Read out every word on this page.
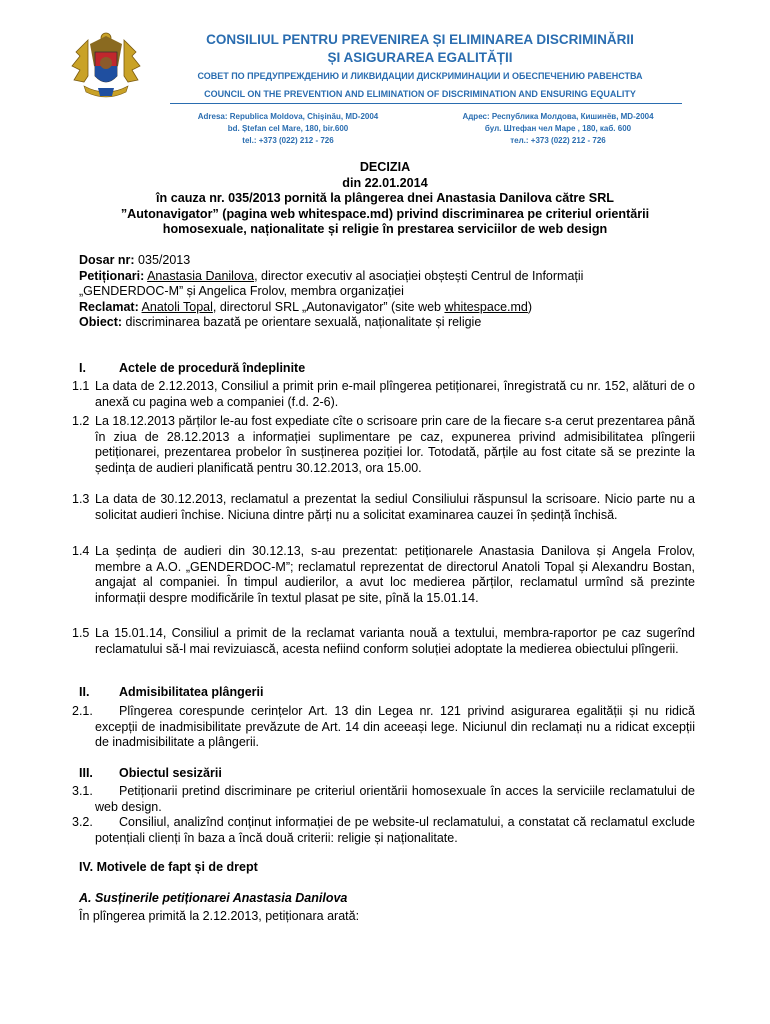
CONSILIUL PENTRU PREVENIREA ȘI ELIMINAREA DISCRIMINĂRII
ȘI ASIGURAREA EGALITĂȚII
СОВЕТ ПО ПРЕДУПРЕЖДЕНИЮ И ЛИКВИДАЦИИ ДИСКРИМИНАЦИИ И ОБЕСПЕЧЕНИЮ РАВЕНСТВА
COUNCIL ON THE PREVENTION AND ELIMINATION OF DISCRIMINATION AND ENSURING EQUALITY
Adresa: Republica Moldova, Chișinău, MD-2004
bd. Ștefan cel Mare, 180, bir.600
tel.: +373 (022) 212 - 726
Адрес: Республика Молдова, Кишинёв, MD-2004
бул. Штефан чел Маре , 180, каб. 600
тел.: +373 (022) 212 - 726
DECIZIA
din 22.01.2014
în cauza nr. 035/2013 pornită la plângerea dnei Anastasia Danilova către SRL
”Autonavigator” (pagina web whitespace.md) privind discriminarea pe criteriul orientării
homosexuale, naționalitate și religie în prestarea serviciilor de web design
Dosar nr: 035/2013
Petiționari: Anastasia Danilova, director executiv al asociației obștești Centrul de Informații
„GENDERDOC-M” și Angelica Frolov, membra organizației
Reclamat: Anatoli Topal, directorul SRL „Autonavigator” (site web whitespace.md)
Obiect: discriminarea bazată pe orientare sexuală, naționalitate și religie
I.	Actele de procedură îndeplinite
1.1 La data de 2.12.2013, Consiliul a primit prin e-mail plîngerea petiționarei, înregistrată cu nr. 152, alături de o anexă cu pagina web a companiei (f.d. 2-6).
1.2 La 18.12.2013 părților le-au fost expediate cîte o scrisoare prin care de la fiecare s-a cerut prezentarea până în ziua de 28.12.2013 a informației suplimentare pe caz, expunerea privind admisibilitatea plîngerii petiționarei, prezentarea probelor în susținerea poziției lor. Totodată, părțile au fost citate să se prezinte la ședința de audieri planificată pentru 30.12.2013, ora 15.00.
1.3 La data de 30.12.2013, reclamatul a prezentat la sediul Consiliului răspunsul la scrisoare. Nicio parte nu a solicitat audieri închise. Niciuna dintre părți nu a solicitat examinarea cauzei în ședință închisă.
1.4 La ședința de audieri din 30.12.13, s-au prezentat: petiționarele Anastasia Danilova și Angela Frolov, membre a A.O. „GENDERDOC-M”; reclamatul reprezentat de directorul Anatoli Topal și Alexandru Bostan, angajat al companiei. În timpul audierilor, a avut loc medierea părților, reclamatul urmînd să prezinte informații despre modificările în textul plasat pe site, pînă la 15.01.14.
1.5 La 15.01.14, Consiliul a primit de la reclamat varianta nouă a textului, membra-raportor pe caz sugerînd reclamatului să-l mai revizuiască, acesta nefiind conform soluției adoptate la medierea obiectului plîngerii.
II. Admisibilitatea plângerii
2.1. Plîngerea corespunde cerințelor Art. 13 din Legea nr. 121 privind asigurarea egalității și nu ridică excepții de inadmisibilitate prevăzute de Art. 14 din aceeași lege. Niciunul din reclamați nu a ridicat excepții de inadmisibilitate a plângerii.
III. Obiectul sesizării
3.1. Petiționarii pretind discriminare pe criteriul orientării homosexuale în acces la serviciile reclamatului de web design.
3.2. Consiliul, analizînd conținut informației de pe website-ul reclamatului, a constatat că reclamatul exclude potențiali clienți în baza a încă două criterii: religie și naționalitate.
IV. Motivele de fapt și de drept
A. Susținerile petiționarei Anastasia Danilova
În plîngerea primită la 2.12.2013, petiționara arată:
